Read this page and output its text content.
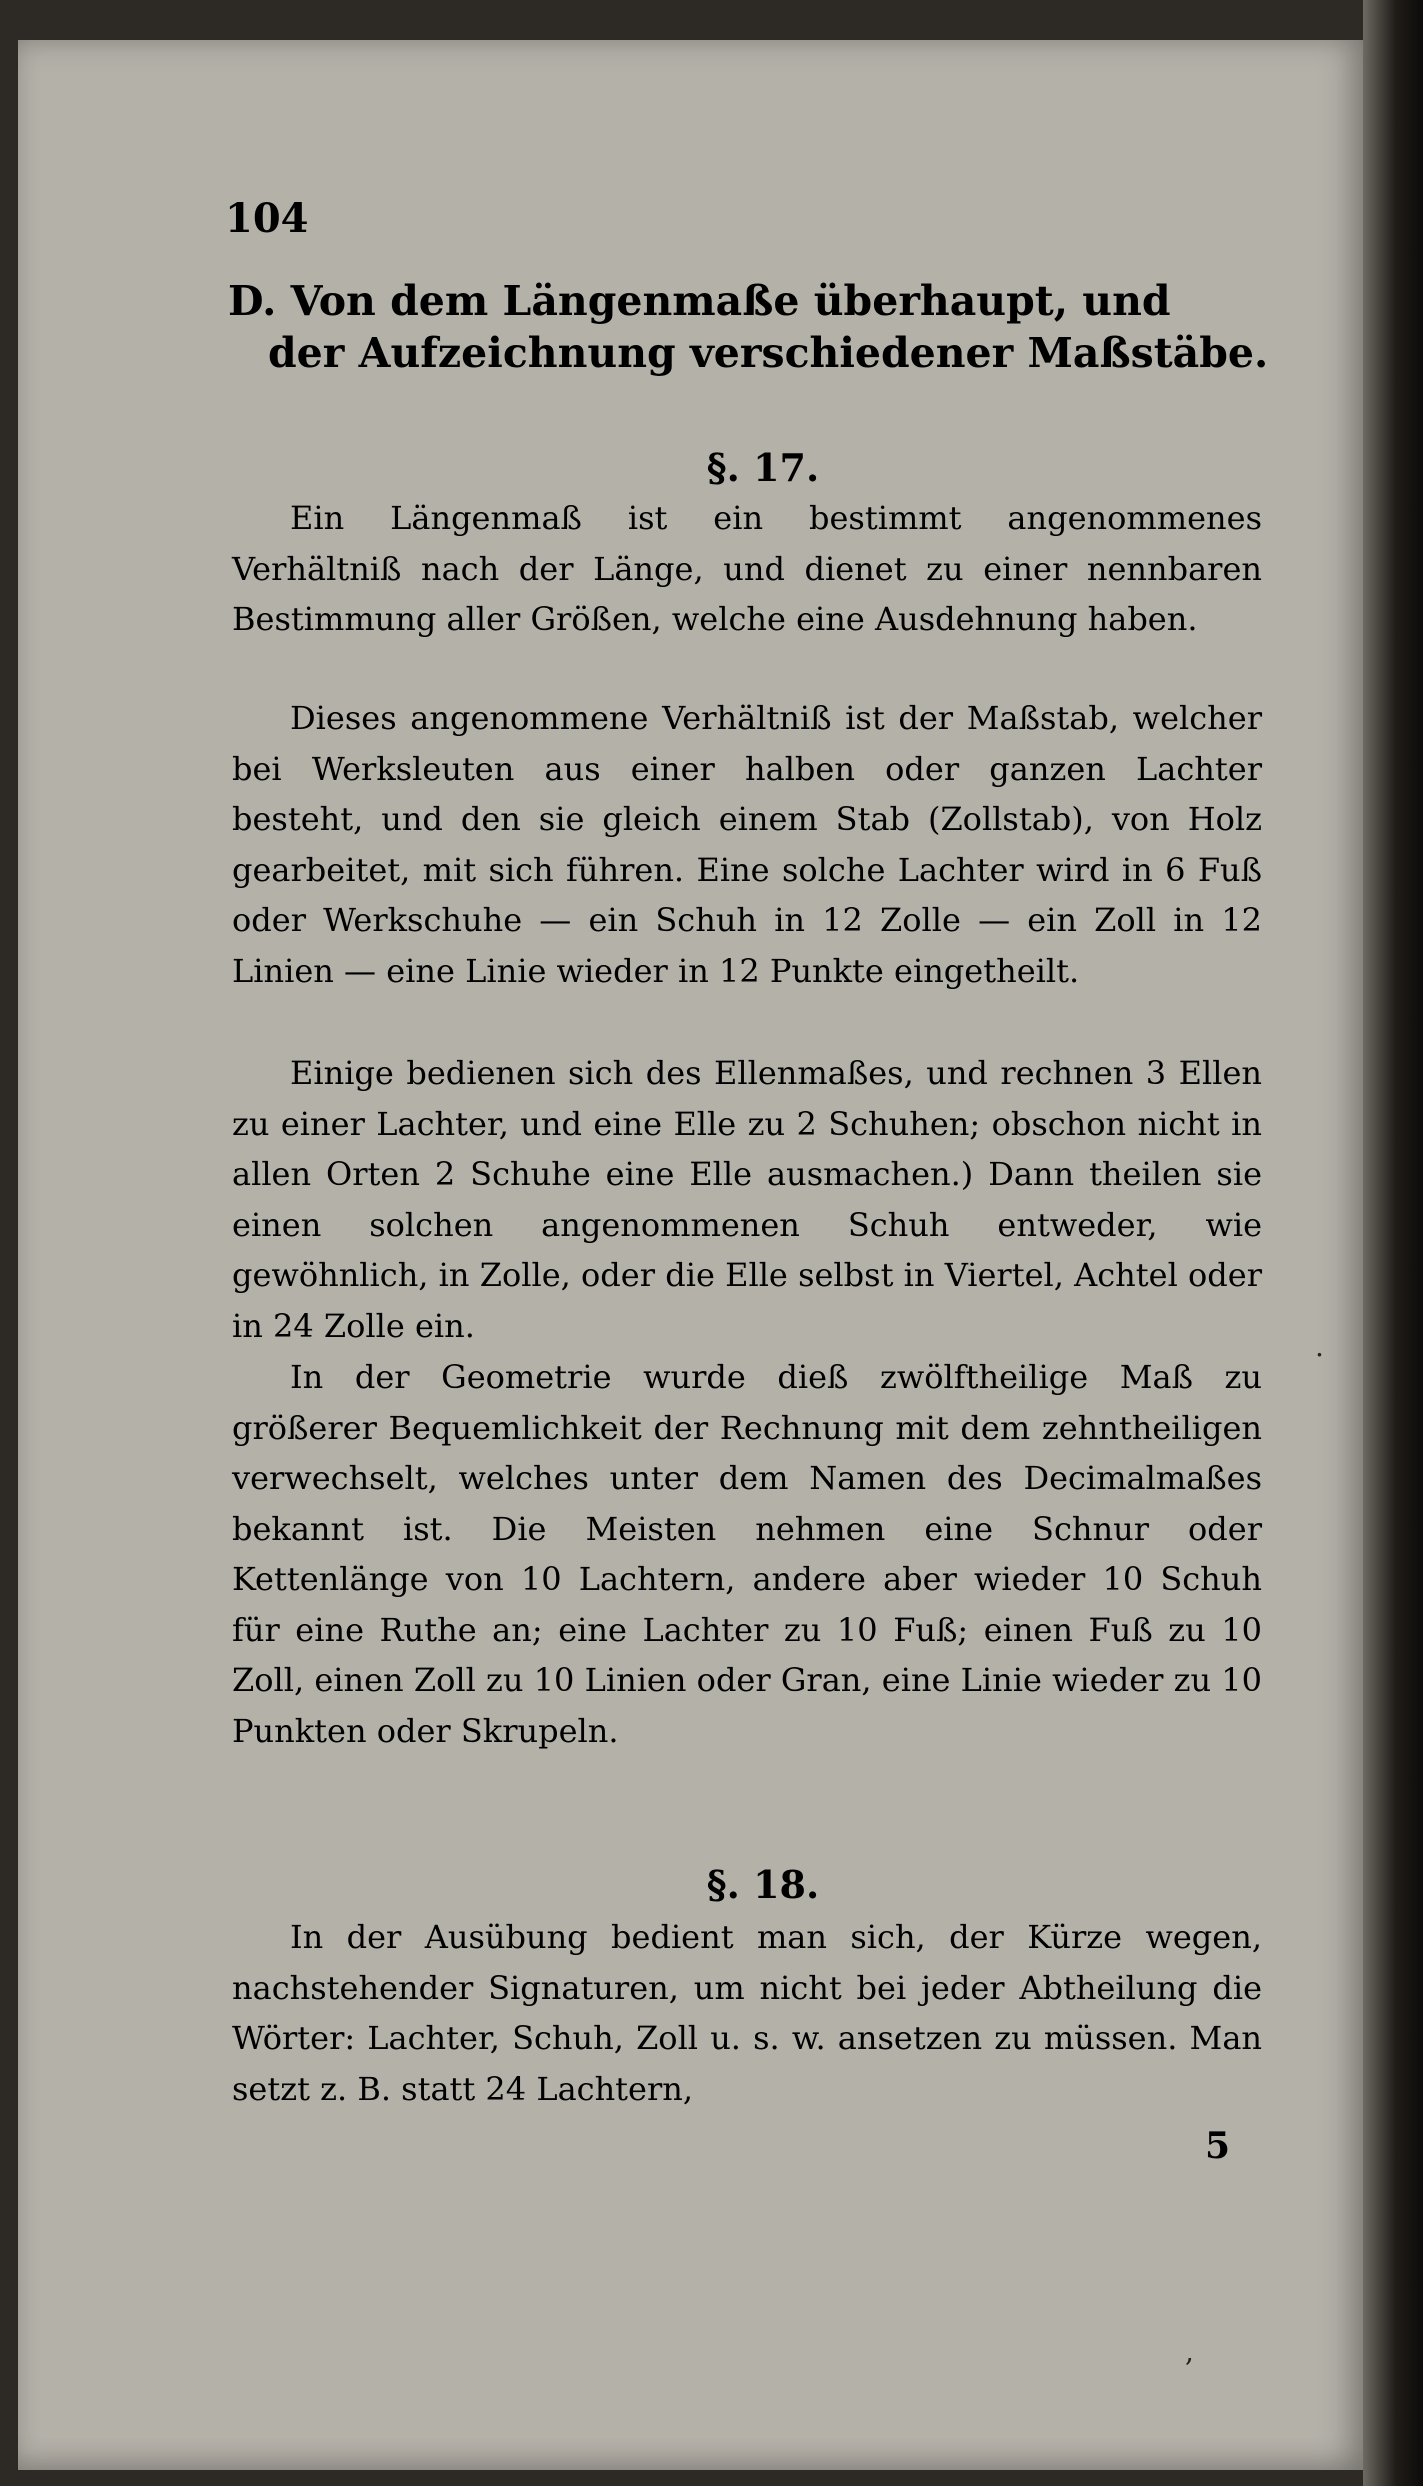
104
D. Von dem Längenmaße überhaupt, und
der Aufzeichnung verschiedener Maßstäbe.
§. 17.
Ein Längenmaß ist ein bestimmt angenommenes Verhältniß nach der Länge, und dienet zu einer nennbaren Bestimmung aller Größen, welche eine Ausdehnung haben.
Dieses angenommene Verhältniß ist der Maßstab, welcher bei Werksleuten aus einer halben oder ganzen Lachter besteht, und den sie gleich einem Stab (Zollstab), von Holz gearbeitet, mit sich führen. Eine solche Lachter wird in 6 Fuß oder Werkschuhe — ein Schuh in 12 Zolle — ein Zoll in 12 Linien — eine Linie wieder in 12 Punkte eingetheilt.
Einige bedienen sich des Ellenmaßes, und rechnen 3 Ellen zu einer Lachter, und eine Elle zu 2 Schuhen; obschon nicht in allen Orten 2 Schuhe eine Elle ausmachen.) Dann theilen sie einen solchen angenommenen Schuh entweder, wie gewöhnlich, in Zolle, oder die Elle selbst in Viertel, Achtel oder in 24 Zolle ein.
In der Geometrie wurde dieß zwölftheilige Maß zu größerer Bequemlichkeit der Rechnung mit dem zehntheiligen verwechselt, welches unter dem Namen des Decimalmaßes bekannt ist. Die Meisten nehmen eine Schnur oder Kettenlänge von 10 Lachtern, andere aber wieder 10 Schuh für eine Ruthe an; eine Lachter zu 10 Fuß; einen Fuß zu 10 Zoll, einen Zoll zu 10 Linien oder Gran, eine Linie wieder zu 10 Punkten oder Skrupeln.
§. 18.
In der Ausübung bedient man sich, der Kürze wegen, nachstehender Signaturen, um nicht bei jeder Abtheilung die Wörter: Lachter, Schuh, Zoll u. s. w. ansetzen zu müssen. Man setzt z. B. statt 24 Lachtern,
5
.
,
